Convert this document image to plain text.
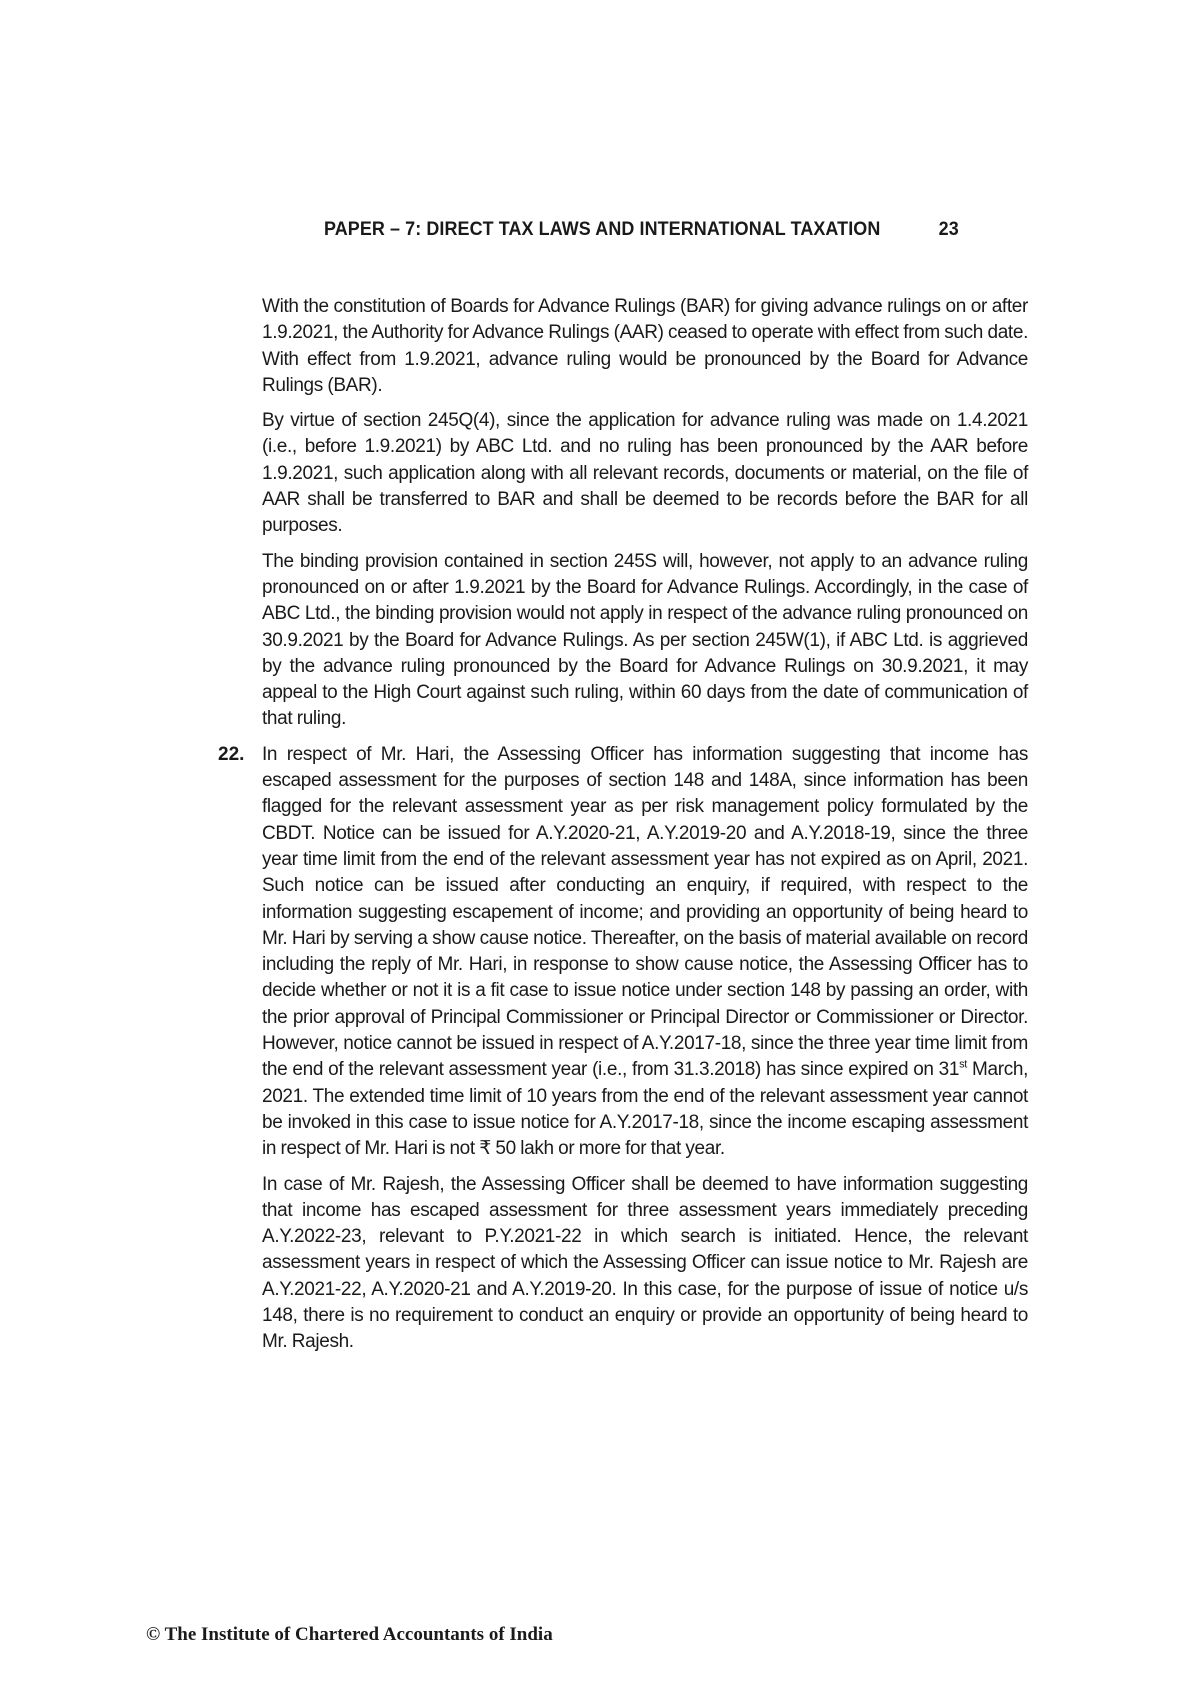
PAPER – 7: DIRECT TAX LAWS AND INTERNATIONAL TAXATION	23

With the constitution of Boards for Advance Rulings (BAR) for giving advance rulings on or after 1.9.2021, the Authority for Advance Rulings (AAR) ceased to operate with effect from such date. With effect from 1.9.2021, advance ruling would be pronounced by the Board for Advance Rulings (BAR).

By virtue of section 245Q(4), since the application for advance ruling was made on 1.4.2021 (i.e., before 1.9.2021) by ABC Ltd. and no ruling has been pronounced by the AAR before 1.9.2021, such application along with all relevant records, documents or material, on the file of AAR shall be transferred to BAR and shall be deemed to be records before the BAR for all purposes.

The binding provision contained in section 245S will, however, not apply to an advance ruling pronounced on or after 1.9.2021 by the Board for Advance Rulings. Accordingly, in the case of ABC Ltd., the binding provision would not apply in respect of the advance ruling pronounced on 30.9.2021 by the Board for Advance Rulings. As per section 245W(1), if ABC Ltd. is aggrieved by the advance ruling pronounced by the Board for Advance Rulings on 30.9.2021, it may appeal to the High Court against such ruling, within 60 days from the date of communication of that ruling.

22. In respect of Mr. Hari, the Assessing Officer has information suggesting that income has escaped assessment for the purposes of section 148 and 148A, since information has been flagged for the relevant assessment year as per risk management policy formulated by the CBDT. Notice can be issued for A.Y.2020-21, A.Y.2019-20 and A.Y.2018-19, since the three year time limit from the end of the relevant assessment year has not expired as on April, 2021. Such notice can be issued after conducting an enquiry, if required, with respect to the information suggesting escapement of income; and providing an opportunity of being heard to Mr. Hari by serving a show cause notice. Thereafter, on the basis of material available on record including the reply of Mr. Hari, in response to show cause notice, the Assessing Officer has to decide whether or not it is a fit case to issue notice under section 148 by passing an order, with the prior approval of Principal Commissioner or Principal Director or Commissioner or Director. However, notice cannot be issued in respect of A.Y.2017-18, since the three year time limit from the end of the relevant assessment year (i.e., from 31.3.2018) has since expired on 31st March, 2021. The extended time limit of 10 years from the end of the relevant assessment year cannot be invoked in this case to issue notice for A.Y.2017-18, since the income escaping assessment in respect of Mr. Hari is not ₹ 50 lakh or more for that year.

In case of Mr. Rajesh, the Assessing Officer shall be deemed to have information suggesting that income has escaped assessment for three assessment years immediately preceding A.Y.2022-23, relevant to P.Y.2021-22 in which search is initiated. Hence, the relevant assessment years in respect of which the Assessing Officer can issue notice to Mr. Rajesh are A.Y.2021-22, A.Y.2020-21 and A.Y.2019-20. In this case, for the purpose of issue of notice u/s 148, there is no requirement to conduct an enquiry or provide an opportunity of being heard to Mr. Rajesh.

© The Institute of Chartered Accountants of India
